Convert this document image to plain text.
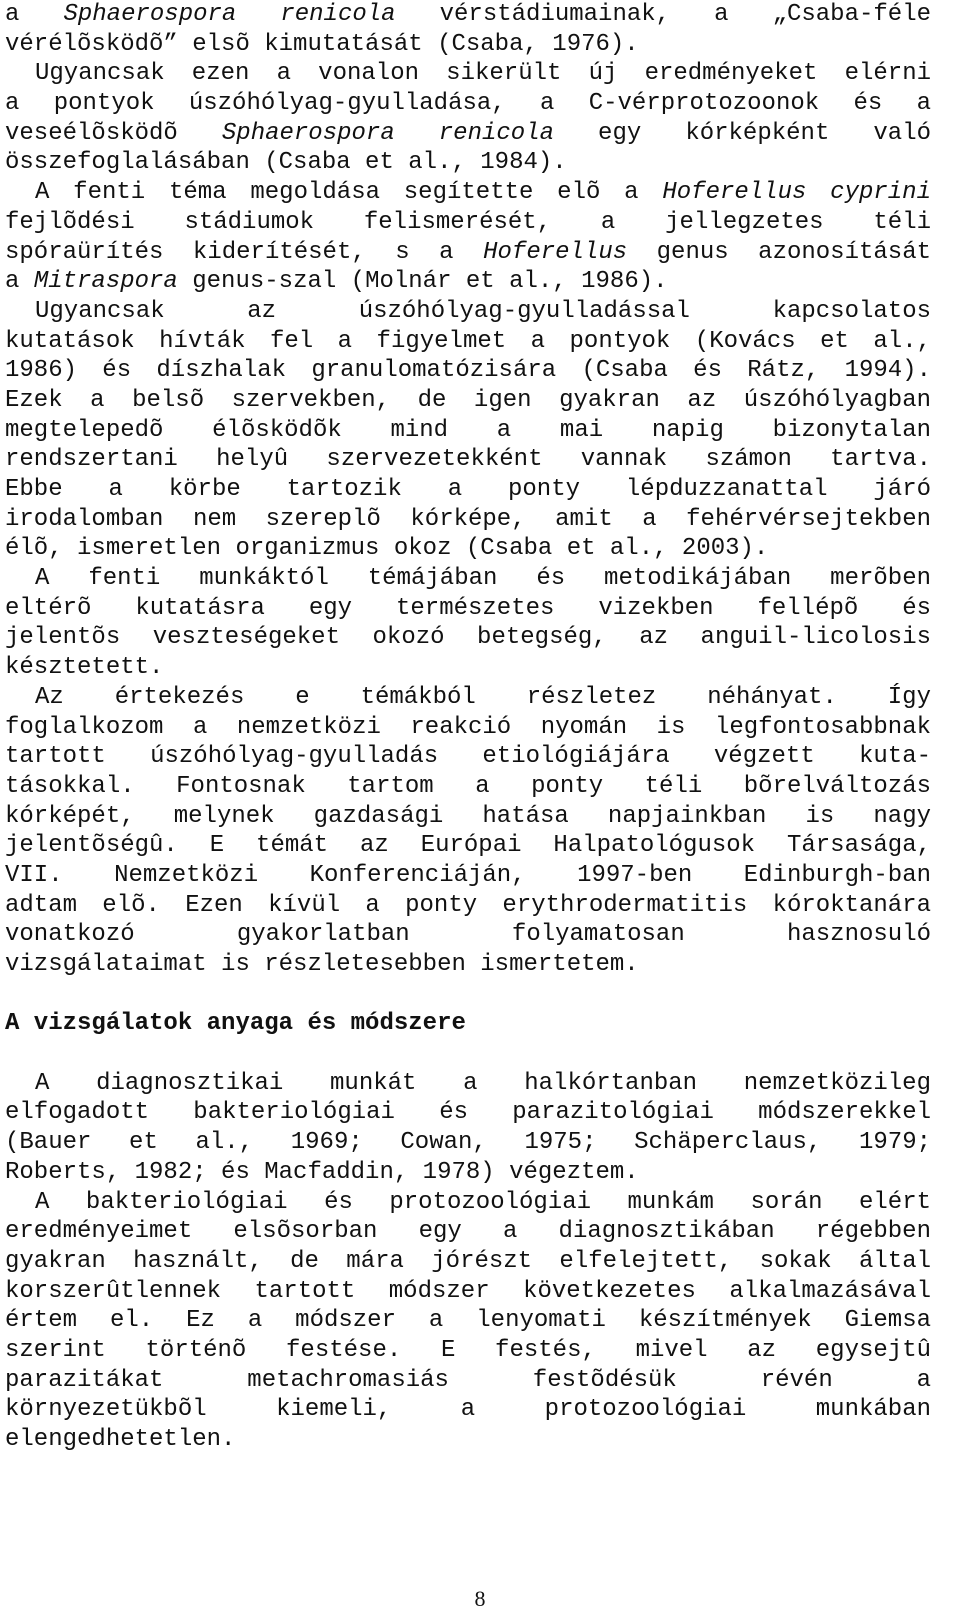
a Sphaerospora renicola vérstádiumainak, a „Csaba-féle
vérélõsködõ” elsõ kimutatását (Csaba, 1976).
Ugyancsak ezen a vonalon sikerült új eredményeket elérni
a pontyok úszóhólyag-gyulladása, a C-vérprotozoonok és a
veseélõsködõ Sphaerospora renicola egy kórképként való
összefoglalásában (Csaba et al., 1984).
A fenti téma megoldása segítette elõ a Hoferellus cyprini
fejlõdési stádiumok felismerését, a jellegzetes téli
spóraürítés kiderítését, s a Hoferellus genus azonosítását
a Mitraspora genus-szal (Molnár et al., 1986).
Ugyancsak az úszóhólyag-gyulladással kapcsolatos
kutatások hívták fel a figyelmet a pontyok (Kovács et al.,
1986) és díszhalak granulomatózisára (Csaba és Rátz, 1994).
Ezek a belsõ szervekben, de igen gyakran az úszóhólyagban
megtelepedõ élõsködõk mind a mai napig bizonytalan
rendszertani helyû szervezetekként vannak számon tartva.
Ebbe a körbe tartozik a ponty lépduzzanattal járó
irodalomban nem szereplõ kórképe, amit a fehérvérsejtekben
élõ, ismeretlen organizmus okoz (Csaba et al., 2003).
A fenti munkáktól témájában és metodikájában merõben
eltérõ kutatásra egy természetes vizekben fellépõ és
jelentõs veszteségeket okozó betegség, az anguil-licolosis
késztetett.
Az értekezés e témákból részletez néhányat. Így
foglalkozom a nemzetközi reakció nyomán is legfontosabbnak
tartott úszóhólyag-gyulladás etiológiájára végzett kuta-
tásokkal. Fontosnak tartom a ponty téli bõrelváltozás
kórképét, melynek gazdasági hatása napjainkban is nagy
jelentõségû. E témát az Európai Halpatológusok Társasága,
VII. Nemzetközi Konferenciáján, 1997-ben Edinburgh-ban
adtam elõ. Ezen kívül a ponty erythrodermatitis kóroktanára
vonatkozó gyakorlatban folyamatosan hasznosuló
vizsgálataimat is részletesebben ismertetem.
A vizsgálatok anyaga és módszere
A diagnosztikai munkát a halkórtanban nemzetközileg
elfogadott bakteriológiai és parazitológiai módszerekkel
(Bauer et al., 1969; Cowan, 1975; Schäperclaus, 1979;
Roberts, 1982; és Macfaddin, 1978) végeztem.
A bakteriológiai és protozoológiai munkám során elért
eredményeimet elsõsorban egy a diagnosztikában régebben
gyakran használt, de mára jórészt elfelejtett, sokak által
korszerûtlennek tartott módszer következetes alkalmazásával
értem el. Ez a módszer a lenyomati készítmények Giemsa
szerint történõ festése. E festés, mivel az egysejtû
parazitákat metachromasiás festõdésük révén a
környezetükbõl kiemeli, a protozoológiai munkában
elengedhetetlen.
8
